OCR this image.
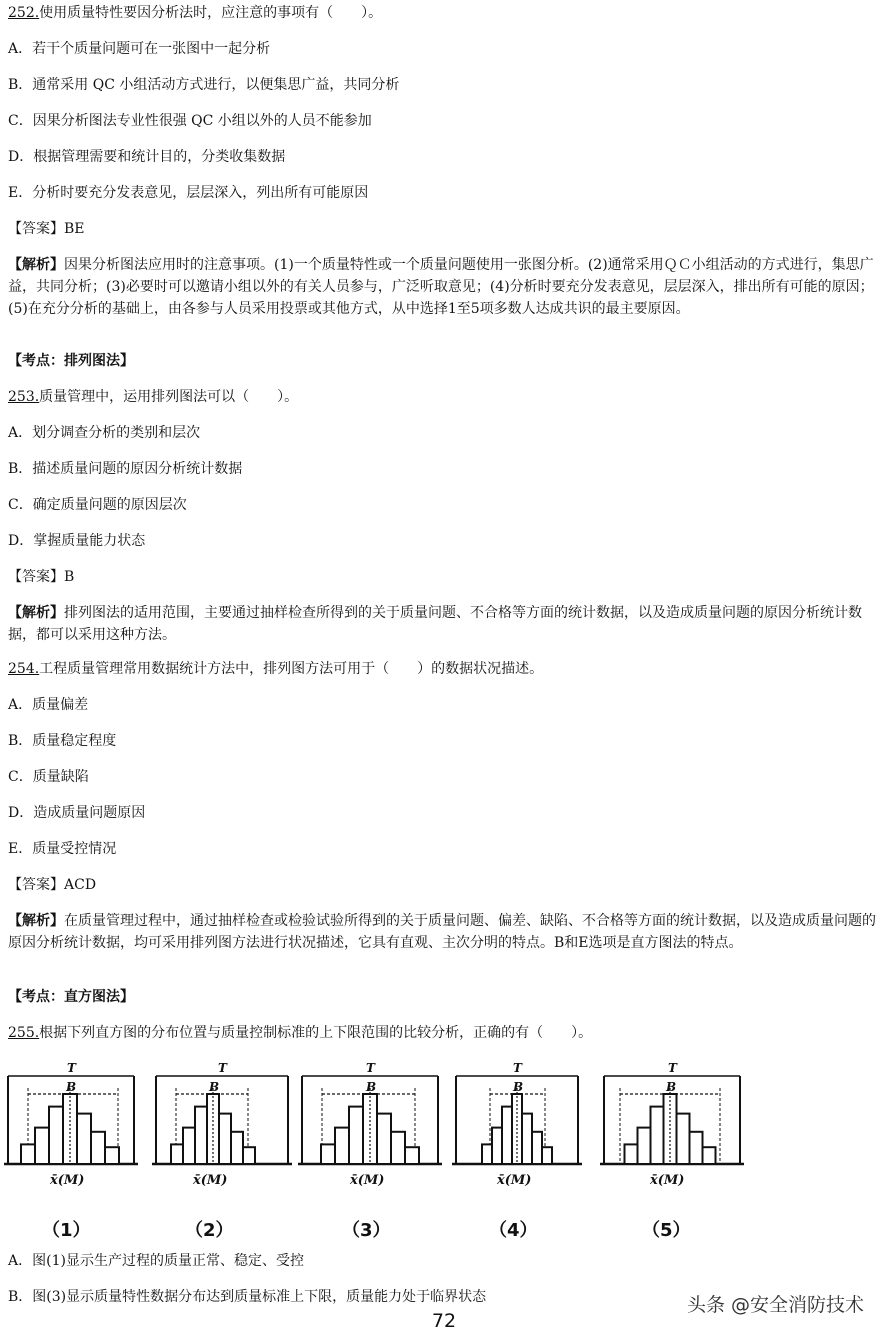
252.使用质量特性要因分析法时，应注意的事项有（　　）。
A．若干个质量问题可在一张图中一起分析
B．通常采用 QC 小组活动方式进行，以便集思广益，共同分析
C．因果分析图法专业性很强 QC 小组以外的人员不能参加
D．根据管理需要和统计目的，分类收集数据
E．分析时要充分发表意见，层层深入，列出所有可能原因
【答案】BE
【解析】因果分析图法应用时的注意事项。(1)一个质量特性或一个质量问题使用一张图分析。(2)通常采用ＱＣ小组活动的方式进行，集思广益，共同分析；(3)必要时可以邀请小组以外的有关人员参与，广泛听取意见；(4)分析时要充分发表意见，层层深入，排出所有可能的原因；(5)在充分分析的基础上，由各参与人员采用投票或其他方式，从中选择1至5项多数人达成共识的最主要原因。
【考点：排列图法】
253.质量管理中，运用排列图法可以（　　）。
A．划分调查分析的类别和层次
B．描述质量问题的原因分析统计数据
C．确定质量问题的原因层次
D．掌握质量能力状态
【答案】B
【解析】排列图法的适用范围，主要通过抽样检查所得到的关于质量问题、不合格等方面的统计数据，以及造成质量问题的原因分析统计数据，都可以采用这种方法。
254.工程质量管理常用数据统计方法中，排列图方法可用于（　　）的数据状况描述。
A．质量偏差
B．质量稳定程度
C．质量缺陷
D．造成质量问题原因
E．质量受控情况
【答案】ACD
【解析】在质量管理过程中，通过抽样检查或检验试验所得到的关于质量问题、偏差、缺陷、不合格等方面的统计数据，以及造成质量问题的原因分析统计数据，均可采用排列图方法进行状况描述，它具有直观、主次分明的特点。B和E选项是直方图法的特点。
【考点：直方图法】
255.根据下列直方图的分布位置与质量控制标准的上下限范围的比较分析，正确的有（　　）。
T
B
x̄(M)
（1）
T
B
x̄(M)
（2）
T
B
x̄(M)
（3）
T
B
x̄(M)
（4）
T
B
x̄(M)
（5）
A．图(1)显示生产过程的质量正常、稳定、受控
B．图(3)显示质量特性数据分布达到质量标准上下限，质量能力处于临界状态	头条 @安全消防技术
72
